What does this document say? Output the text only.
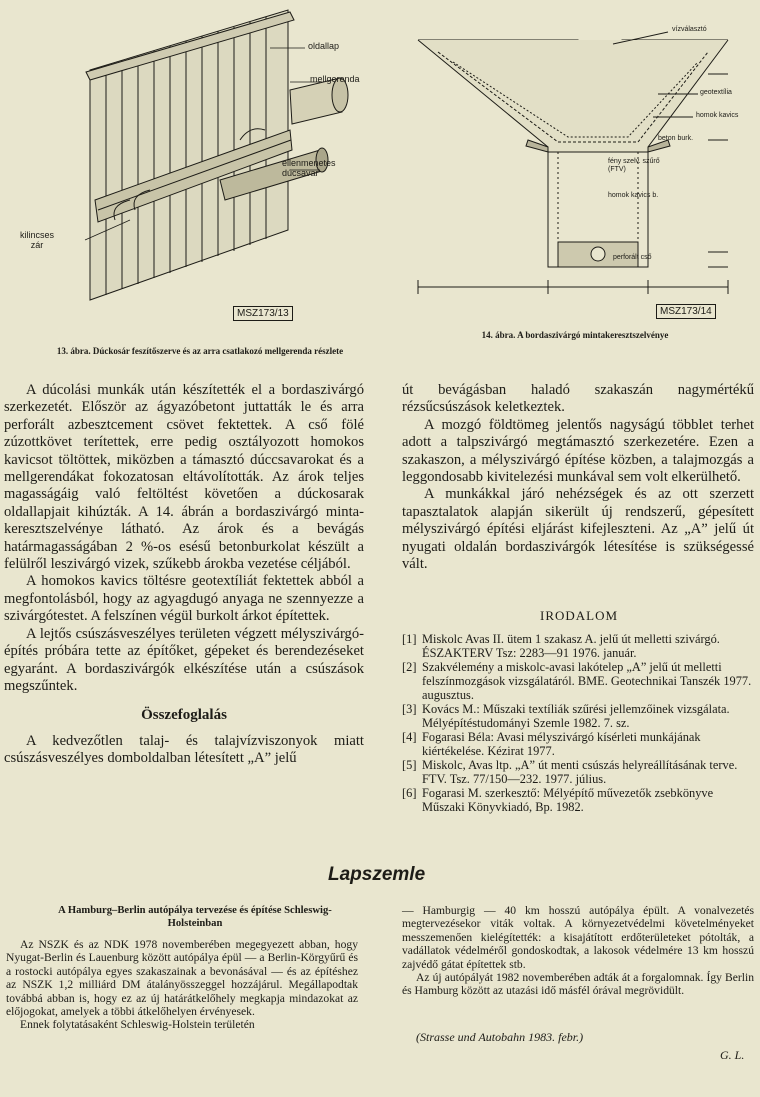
oldallap
mellgerenda
ellenmenetes
dúcsavar
kilincses
zár
MSZ173/13
13. ábra. Dúckosár feszítőszerve és az arra csatlakozó mellgerenda részlete
vízválasztó
geotextília
homok kavics
beton burk.
fény szelv. szűrő
(FTV)
homok kavics b.
perforált cső
MSZ173/14
14. ábra. A bordaszivárgó mintakeresztszelvénye

A dúcolási munkák után készítették el a bordaszivárgó szerkezetét. Először az ágyazóbetont juttatták le és arra perforált azbesztcement csövet fektettek. A cső fölé zúzottkövet terítettek, erre pedig osztályozott homokos kavicsot töltöttek, miközben a támasztó dúccsavarokat és a mellgerendákat fokozatosan eltávolították. Az árok teljes magasságáig való feltöltést követően a dúckosarak oldallapjait kihúzták. A 14. ábrán a bordaszivárgó minta-keresztszelvénye látható. Az árok és a bevágás határmagasságában 2 %-os esésű betonburkolat készült a felülről leszivárgó vizek, szűkebb árokba vezetése céljából.

A homokos kavics töltésre geotextíliát fektettek abból a megfontolásból, hogy az agyagdugó anyaga ne szennyezze a szivárgótestet. A felszínen végül burkolt árkot építettek.

A lejtős csúszásveszélyes területen végzett mélyszivárgó-építés próbára tette az építőket, gépeket és berendezéseket egyaránt. A bordaszivárgók elkészítése után a csúszások megszűntek.

Összefoglalás

A kedvezőtlen talaj- és talajvízviszonyok miatt csúszásveszélyes domboldalban létesített „A” jelű

út bevágásban haladó szakaszán nagymértékű rézsűcsúszások keletkeztek.

A mozgó földtömeg jelentős nagyságú többlet terhet adott a talpszivárgó megtámasztó szerkezetére. Ezen a szakaszon, a mélyszivárgó építése közben, a talajmozgás a leggondosabb kivitelezési munkával sem volt elkerülhető.

A munkákkal járó nehézségek és az ott szerzett tapasztalatok alapján sikerült új rendszerű, gépesített mélyszivárgó építési eljárást kifejleszteni. Az „A” jelű út nyugati oldalán bordaszivárgók létesítése is szükségessé vált.

IRODALOM
[1] Miskolc Avas II. ütem 1 szakasz A. jelű út melletti szivárgó. ÉSZAKTERV Tsz: 2283—91 1976. január.
[2] Szakvélemény a miskolc-avasi lakótelep „A” jelű út melletti felszínmozgások vizsgálatáról. BME. Geotechnikai Tanszék 1977. augusztus.
[3] Kovács M.: Műszaki textíliák szűrési jellemzőinek vizsgálata. Mélyépítéstudományi Szemle 1982. 7. sz.
[4] Fogarasi Béla: Avasi mélyszivárgó kísérleti munkájának kiértékelése. Kézirat 1977.
[5] Miskolc, Avas ltp. „A” út menti csúszás helyreállításának terve. FTV. Tsz. 77/150—232. 1977. július.
[6] Fogarasi M. szerkesztő: Mélyépítő művezetők zsebkönyve Műszaki Könyvkiadó, Bp. 1982.
Lapszemle
A Hamburg–Berlin autópálya tervezése és építése Schleswig-Holsteinban

Az NSZK és az NDK 1978 novemberében megegyezett abban, hogy Nyugat-Berlin és Lauenburg között autópálya épül — a Berlin-Körgyűrű és a rostocki autópálya egyes szakaszainak a bevonásával — és az építéshez az NSZK 1,2 milliárd DM átalányösszeggel hozzájárul. Megállapodtak továbbá abban is, hogy ez az új határátkelőhely megkapja mindazokat az előjogokat, amelyek a többi átkelőhelyen érvényesek.

Ennek folytatásaként Schleswig-Holstein területén

— Hamburgig — 40 km hosszú autópálya épült. A vonalvezetés megtervezésekor viták voltak. A környezetvédelmi követelményeket messzemenően kielégítették: a kisajátított erdőterületeket pótolták, a vadállatok védelméről gondoskodtak, a lakosok védelmére 13 km hosszú zajvédő gátat építettek stb.

Az új autópályát 1982 novemberében adták át a forgalomnak. Így Berlin és Hamburg között az utazási idő másfél órával megrövidült.

(Strasse und Autobahn 1983. febr.)
G. L.
